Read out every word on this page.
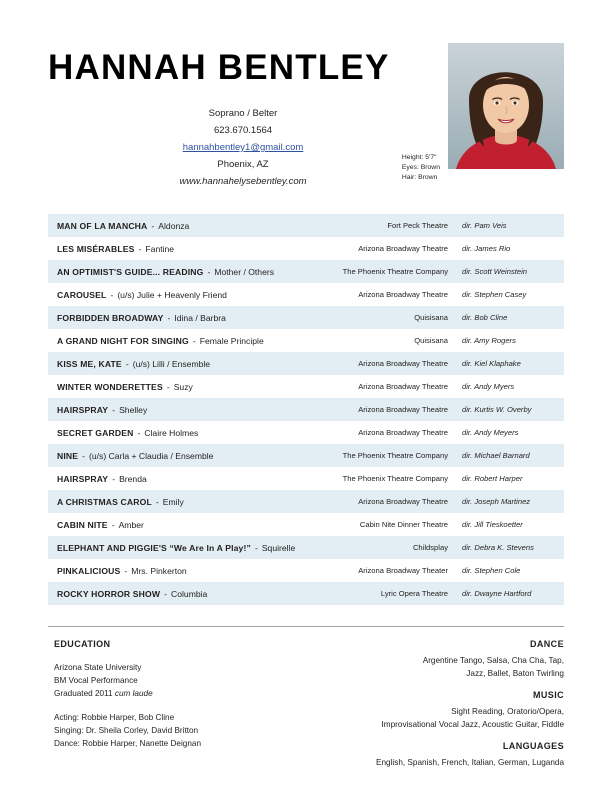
HANNAH BENTLEY
Soprano / Belter
623.670.1564
hannahbentley1@gmail.com
Phoenix, AZ
www.hannahelysebentley.com
Height: 5'7"
Eyes: Brown
Hair: Brown
MAN OF LA MANCHA - Aldonza	Fort Peck Theatre	dir. Pam Veis
LES MISÉRABLES - Fantine	Arizona Broadway Theatre	dir. James Rio
AN OPTIMIST'S GUIDE... READING - Mother / Others	The Phoenix Theatre Company	dir. Scott Weinstein
CAROUSEL - (u/s) Julie + Heavenly Friend	Arizona Broadway Theatre	dir. Stephen Casey
FORBIDDEN BROADWAY - Idina / Barbra	Quisisana	dir. Bob Cline
A GRAND NIGHT FOR SINGING - Female Principle	Quisisana	dir. Amy Rogers
KISS ME, KATE - (u/s) Lilli / Ensemble	Arizona Broadway Theatre	dir. Kiel Klaphake
WINTER WONDERETTES - Suzy	Arizona Broadway Theatre	dir. Andy Myers
HAIRSPRAY - Shelley	Arizona Broadway Theatre	dir. Kurtis W. Overby
SECRET GARDEN - Claire Holmes	Arizona Broadway Theatre	dir. Andy Meyers
NINE - (u/s) Carla + Claudia / Ensemble	The Phoenix Theatre Company	dir. Michael Barnard
HAIRSPRAY - Brenda	The Phoenix Theatre Company	dir. Robert Harper
A CHRISTMAS CAROL - Emily	Arizona Broadway Theatre	dir. Joseph Martinez
CABIN NITE - Amber	Cabin Nite Dinner Theatre	dir. Jill Tieskoetter
ELEPHANT AND PIGGIE'S “We Are In A Play!” - Squirelle	Childsplay	dir. Debra K. Stevens
PINKALICIOUS - Mrs. Pinkerton	Arizona Broadway Theater	dir. Stephen Cole
ROCKY HORROR SHOW - Columbia	Lyric Opera Theatre	dir. Dwayne Hartford
EDUCATION
Arizona State University
BM Vocal Performance
Graduated 2011 cum laude
Acting: Robbie Harper, Bob Cline
Singing: Dr. Sheila Corley, David Britton
Dance: Robbie Harper, Nanette Deignan
DANCE
Argentine Tango, Salsa, Cha Cha, Tap,
Jazz, Ballet, Baton Twirling
MUSIC
Sight Reading, Oratorio/Opera,
Improvisational Vocal Jazz, Acoustic Guitar, Fiddle
LANGUAGES
English, Spanish, French, Italian, German, Luganda
